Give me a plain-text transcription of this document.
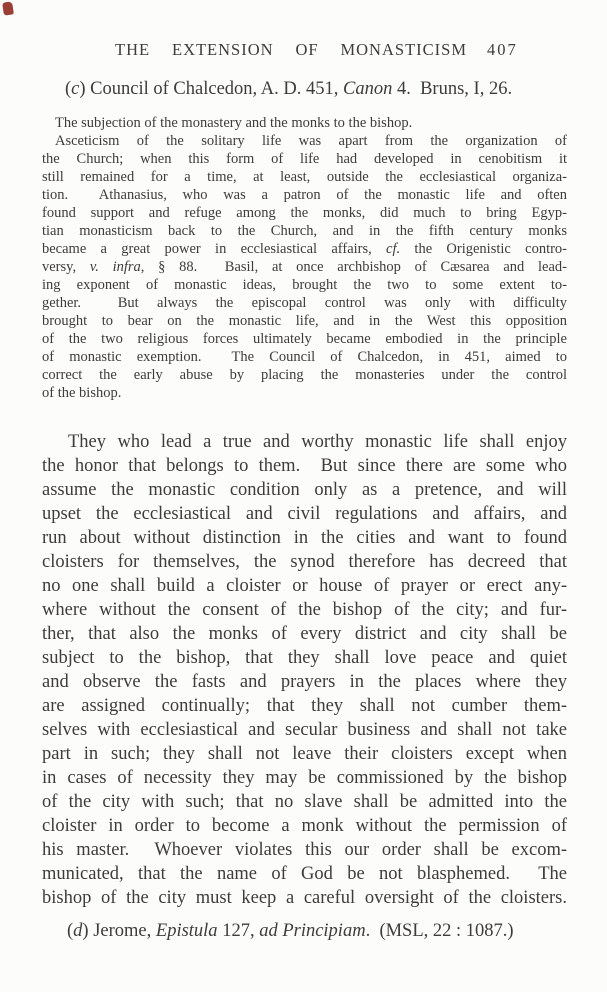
THE EXTENSION OF MONASTICISM 407
(c) Council of Chalcedon, A. D. 451, Canon 4.  Bruns, I, 26.
The subjection of the monastery and the monks to the bishop.
Asceticism of the solitary life was apart from the organization of
the Church; when this form of life had developed in cenobitism it
still remained for a time, at least, outside the ecclesiastical organiza-
tion.  Athanasius, who was a patron of the monastic life and often
found support and refuge among the monks, did much to bring Egyp-
tian monasticism back to the Church, and in the fifth century monks
became a great power in ecclesiastical affairs, cf. the Origenistic contro-
versy, v. infra, § 88.  Basil, at once archbishop of Cæsarea and lead-
ing exponent of monastic ideas, brought the two to some extent to-
gether.  But always the episcopal control was only with difficulty
brought to bear on the monastic life, and in the West this opposition
of the two religious forces ultimately became embodied in the principle
of monastic exemption.  The Council of Chalcedon, in 451, aimed to
correct the early abuse by placing the monasteries under the control
of the bishop.
They who lead a true and worthy monastic life shall enjoy
the honor that belongs to them.  But since there are some who
assume the monastic condition only as a pretence, and will
upset the ecclesiastical and civil regulations and affairs, and
run about without distinction in the cities and want to found
cloisters for themselves, the synod therefore has decreed that
no one shall build a cloister or house of prayer or erect any-
where without the consent of the bishop of the city; and fur-
ther, that also the monks of every district and city shall be
subject to the bishop, that they shall love peace and quiet
and observe the fasts and prayers in the places where they
are assigned continually; that they shall not cumber them-
selves with ecclesiastical and secular business and shall not take
part in such; they shall not leave their cloisters except when
in cases of necessity they may be commissioned by the bishop
of the city with such; that no slave shall be admitted into the
cloister in order to become a monk without the permission of
his master.  Whoever violates this our order shall be excom-
municated, that the name of God be not blasphemed.  The
bishop of the city must keep a careful oversight of the cloisters.
(d) Jerome, Epistula 127, ad Principiam.  (MSL, 22 : 1087.)
